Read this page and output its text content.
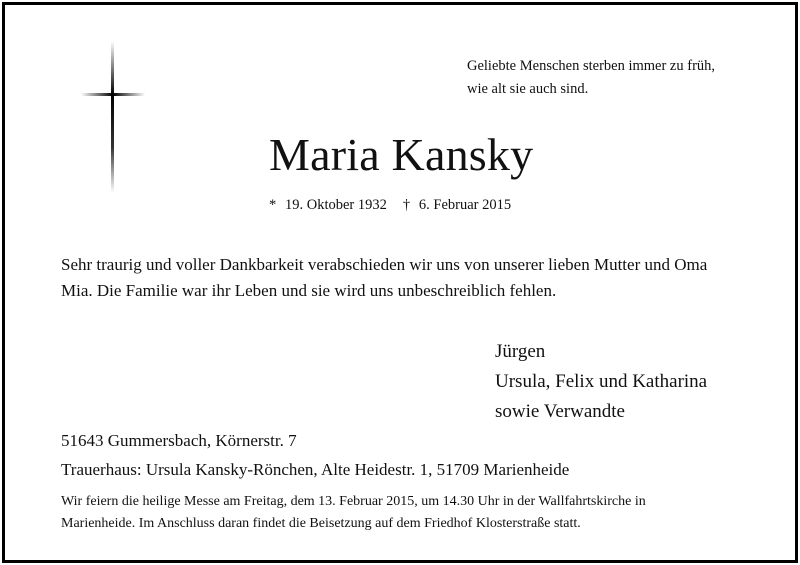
Geliebte Menschen sterben immer zu früh,
wie alt sie auch sind.
Maria Kansky
* 19. Oktober 1932 † 6. Februar 2015
Sehr traurig und voller Dankbarkeit verabschieden wir uns von unserer lieben Mutter und Oma
Mia. Die Familie war ihr Leben und sie wird uns unbeschreiblich fehlen.
Jürgen
Ursula, Felix und Katharina
sowie Verwandte
51643 Gummersbach, Körnerstr. 7
Trauerhaus: Ursula Kansky-Rönchen, Alte Heidestr. 1, 51709 Marienheide
Wir feiern die heilige Messe am Freitag, dem 13. Februar 2015, um 14.30 Uhr in der Wallfahrtskirche in
Marienheide. Im Anschluss daran findet die Beisetzung auf dem Friedhof Klosterstraße statt.
